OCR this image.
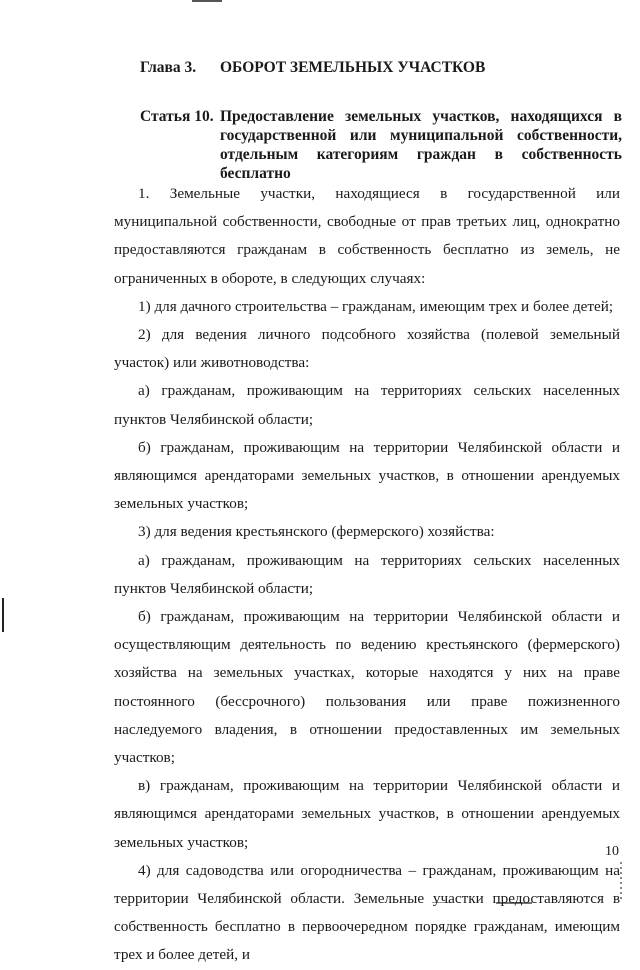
Глава 3. ОБОРОТ ЗЕМЕЛЬНЫХ УЧАСТКОВ
Статья 10. Предоставление земельных участков, находящихся в государственной или муниципальной собственности, отдельным категориям граждан в собственность бесплатно

1. Земельные участки, находящиеся в государственной или муниципальной собственности, свободные от прав третьих лиц, однократно предоставляются гражданам в собственность бесплатно из земель, не ограниченных в обороте, в следующих случаях:

1) для дачного строительства – гражданам, имеющим трех и более детей;

2) для ведения личного подсобного хозяйства (полевой земельный участок) или животноводства:

а) гражданам, проживающим на территориях сельских населенных пунктов Челябинской области;

б) гражданам, проживающим на территории Челябинской области и являющимся арендаторами земельных участков, в отношении арендуемых земельных участков;

3) для ведения крестьянского (фермерского) хозяйства:

а) гражданам, проживающим на территориях сельских населенных пунктов Челябинской области;

б) гражданам, проживающим на территории Челябинской области и осуществляющим деятельность по ведению крестьянского (фермерского) хозяйства на земельных участках, которые находятся у них на праве постоянного (бессрочного) пользования или праве пожизненного наследуемого владения, в отношении предоставленных им земельных участков;

в) гражданам, проживающим на территории Челябинской области и являющимся арендаторами земельных участков, в отношении арендуемых земельных участков;

4) для садоводства или огородничества – гражданам, проживающим на территории Челябинской области. Земельные участки предоставляются в собственность бесплатно в первоочередном порядке гражданам, имеющим трех и более детей, и

10
